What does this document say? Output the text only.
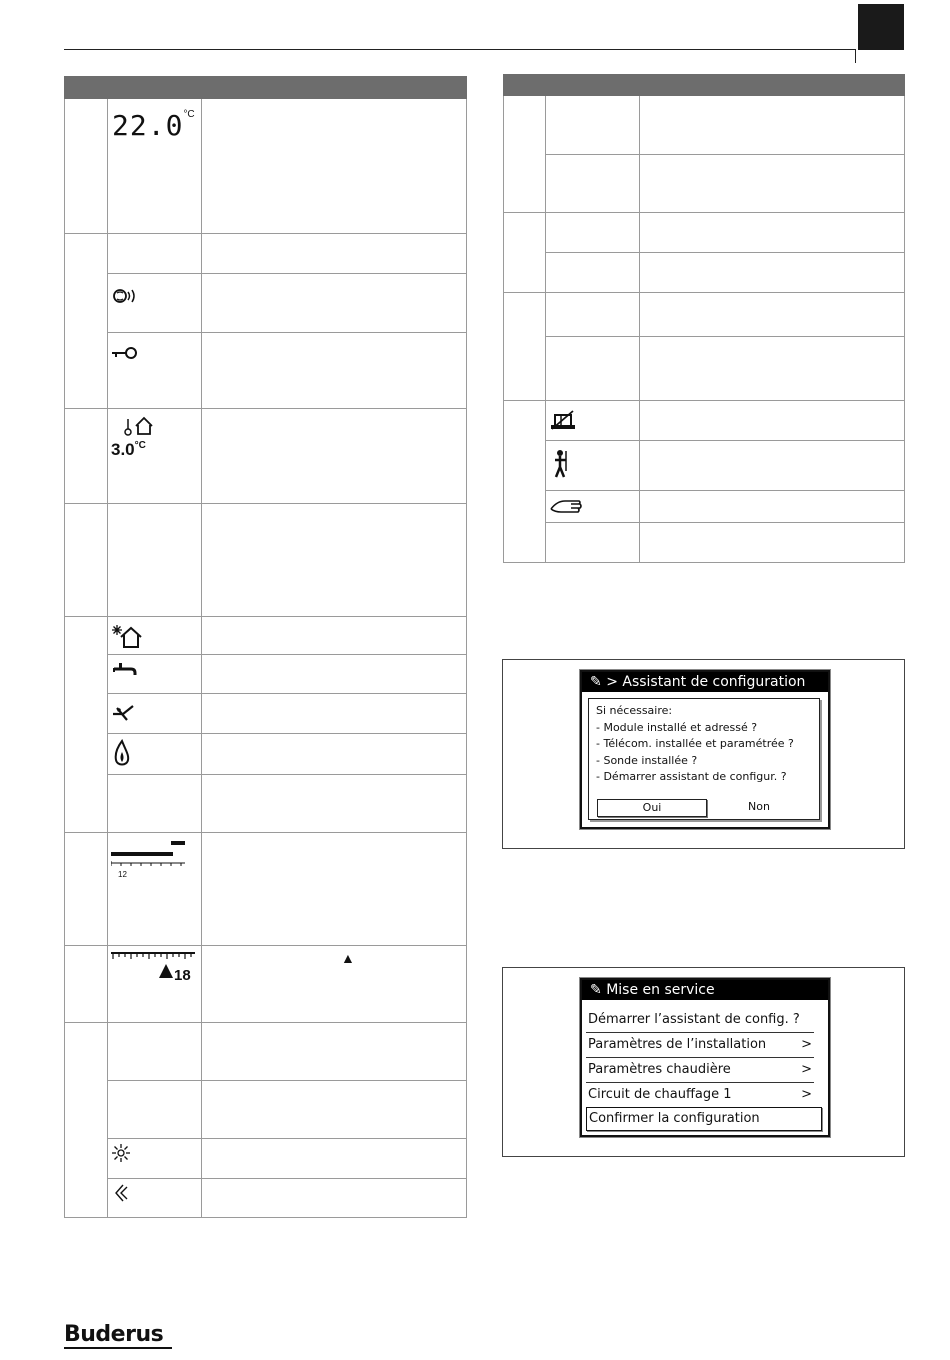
	$22.0^{^\circ C}$

	$3.0^{^\circ C}$

	12	

	18	▲

✎ > Assistant de configuration
Si nécessaire:
- Module installé et adressé ?
- Télécom. installée et paramétrée ?
- Sonde installée ?
- Démarrer assistant de configur. ?
Oui	Non
✎ Mise en service
Démarrer l’assistant de config. ?
Paramètres de l’installation	>
Paramètres chaudière	>
Circuit de chauffage 1	>
Confirmer la configuration
Buderus
